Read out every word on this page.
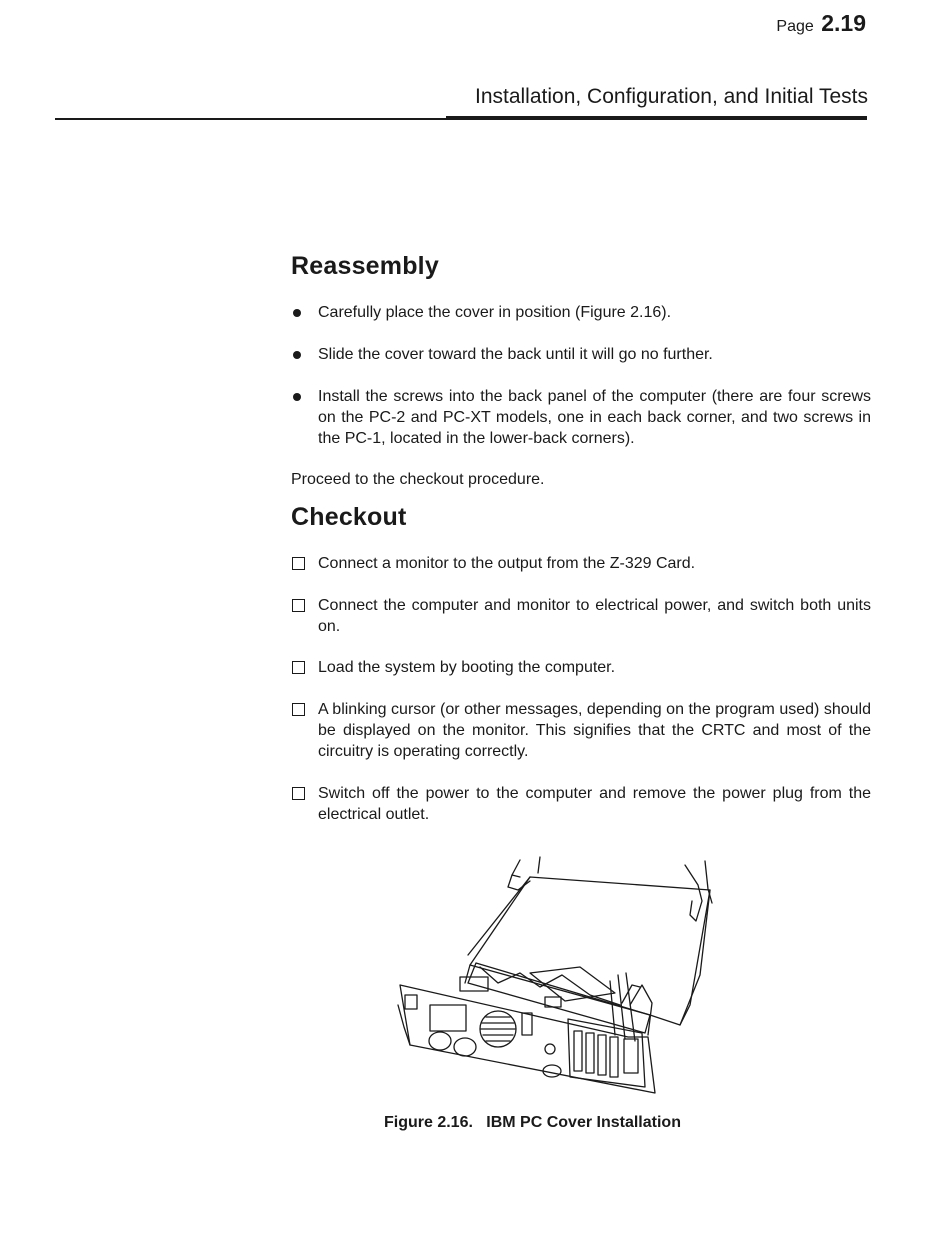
Page 2.19
Installation, Configuration, and Initial Tests
Reassembly
Carefully place the cover in position (Figure 2.16).
Slide the cover toward the back until it will go no further.
Install the screws into the back panel of the computer (there are four screws on the PC-2 and PC-XT models, one in each back corner, and two screws in the PC-1, located in the lower-back corners).
Proceed to the checkout procedure.
Checkout
Connect a monitor to the output from the Z-329 Card.
Connect the computer and monitor to electrical power, and switch both units on.
Load the system by booting the computer.
A blinking cursor (or other messages, depending on the program used) should be displayed on the monitor. This signifies that the CRTC and most of the circuitry is operating correctly.
Switch off the power to the computer and remove the power plug from the electrical outlet.
Figure 2.16. IBM PC Cover Installation
